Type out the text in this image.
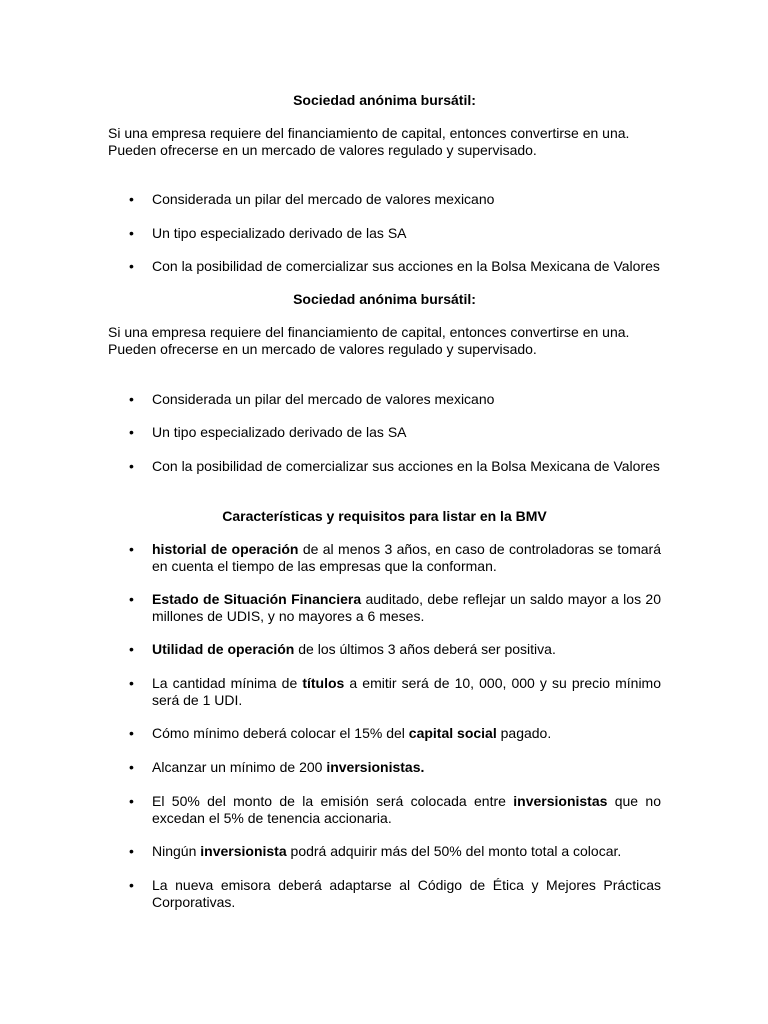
Sociedad anónima bursátil:

Si una empresa requiere del financiamiento de capital, entonces convertirse en una.
Pueden ofrecerse en un mercado de valores regulado y supervisado.

• Considerada un pilar del mercado de valores mexicano

• Un tipo especializado derivado de las SA

• Con la posibilidad de comercializar sus acciones en la Bolsa Mexicana de Valores

Sociedad anónima bursátil:

Si una empresa requiere del financiamiento de capital, entonces convertirse en una.
Pueden ofrecerse en un mercado de valores regulado y supervisado.

• Considerada un pilar del mercado de valores mexicano

• Un tipo especializado derivado de las SA

• Con la posibilidad de comercializar sus acciones en la Bolsa Mexicana de Valores

Características y requisitos para listar en la BMV
• historial de operación de al menos 3 años, en caso de controladoras se tomará en cuenta el tiempo de las empresas que la conforman.

• Estado de Situación Financiera auditado, debe reflejar un saldo mayor a los 20 millones de UDIS, y no mayores a 6 meses.

• Utilidad de operación de los últimos 3 años deberá ser positiva.

• La cantidad mínima de títulos a emitir será de 10, 000, 000 y su precio mínimo será de 1 UDI.

• Cómo mínimo deberá colocar el 15% del capital social pagado.

• Alcanzar un mínimo de 200 inversionistas.

• El 50% del monto de la emisión será colocada entre inversionistas que no excedan el 5% de tenencia accionaria.

• Ningún inversionista podrá adquirir más del 50% del monto total a colocar.

• La nueva emisora deberá adaptarse al Código de Ética y Mejores Prácticas Corporativas.
